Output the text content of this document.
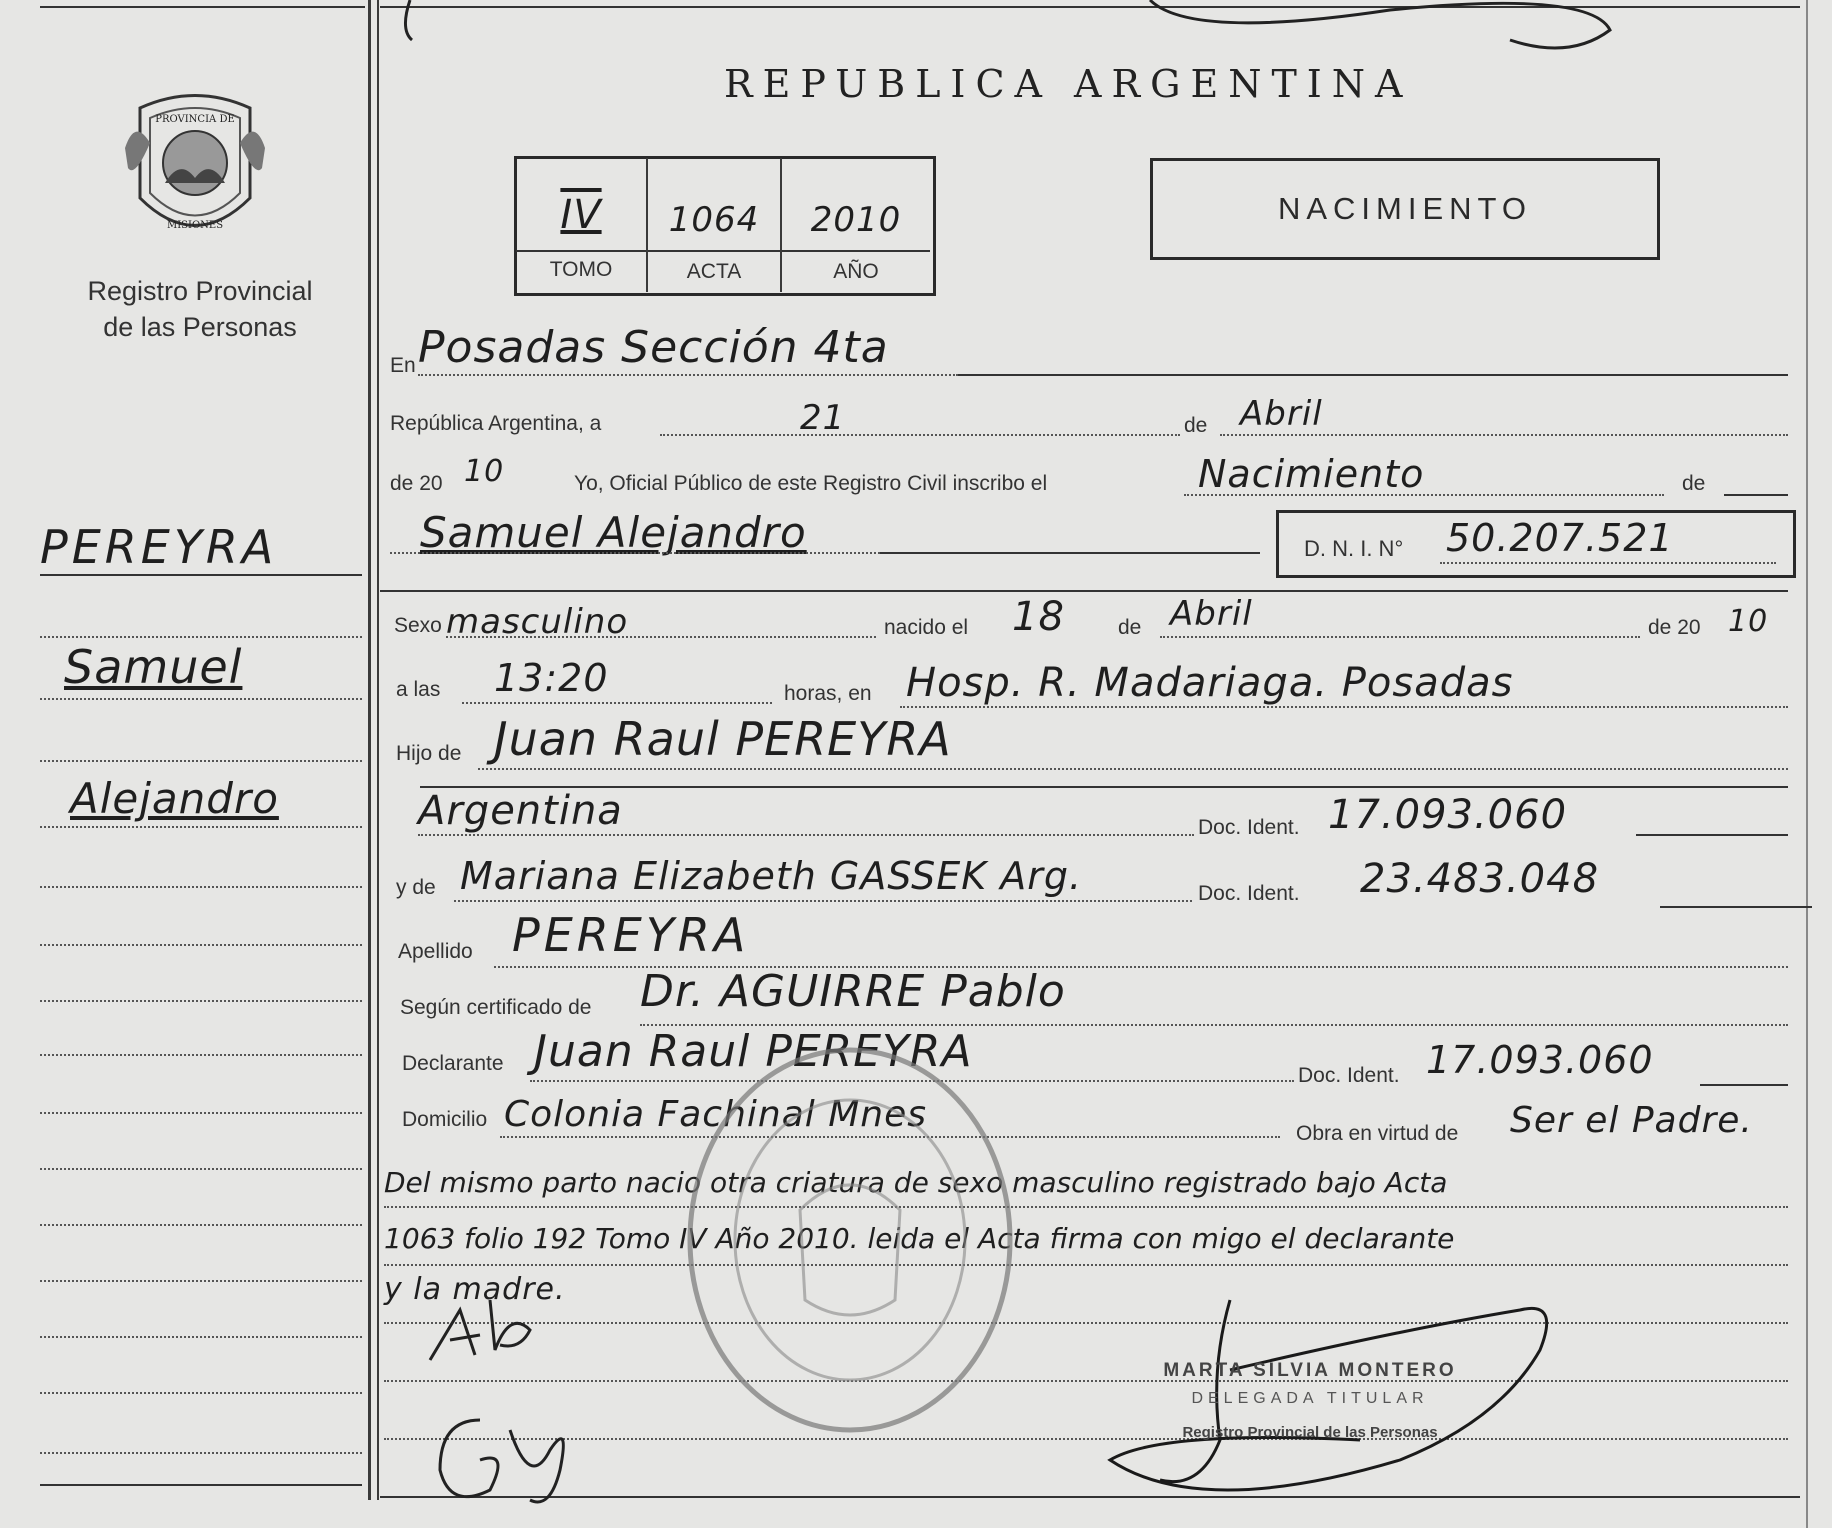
PROVINCIA DE
MISIONES
Registro Provincial
de las Personas
PEREYRA
Samuel
Alejandro
REPUBLICA ARGENTINA
IV	1064	2010
TOMO	ACTA	AÑO
NACIMIENTO
En Posadas Sección 4ta
República Argentina, a	21	de Abril
de 20 10	Yo, Oficial Público de este Registro Civil inscribo el	Nacimiento	de
Samuel Alejandro	D. N. I. N° 50.207.521
Sexo masculino	nacido el 18	de Abril	de 20 10
a las 13:20	horas, en Hosp. R. Madariaga. Posadas
Hijo de Juan Raul PEREYRA
Argentina	Doc. Ident. 17.093.060
y de Mariana Elizabeth GASSEK Arg.	Doc. Ident. 23.483.048
Apellido PEREYRA
Según certificado de Dr. AGUIRRE Pablo
Declarante Juan Raul PEREYRA	Doc. Ident. 17.093.060
Domicilio Colonia Fachinal Mnes	Obra en virtud de Ser el Padre.
Del mismo parto nacio otra criatura de sexo masculino registrado bajo Acta
1063 folio 192 Tomo IV Año 2010. leida el Acta firma con migo el declarante
y la madre.
MARTA SILVIA MONTERO
DELEGADA TITULAR
Registro Provincial de las Personas
